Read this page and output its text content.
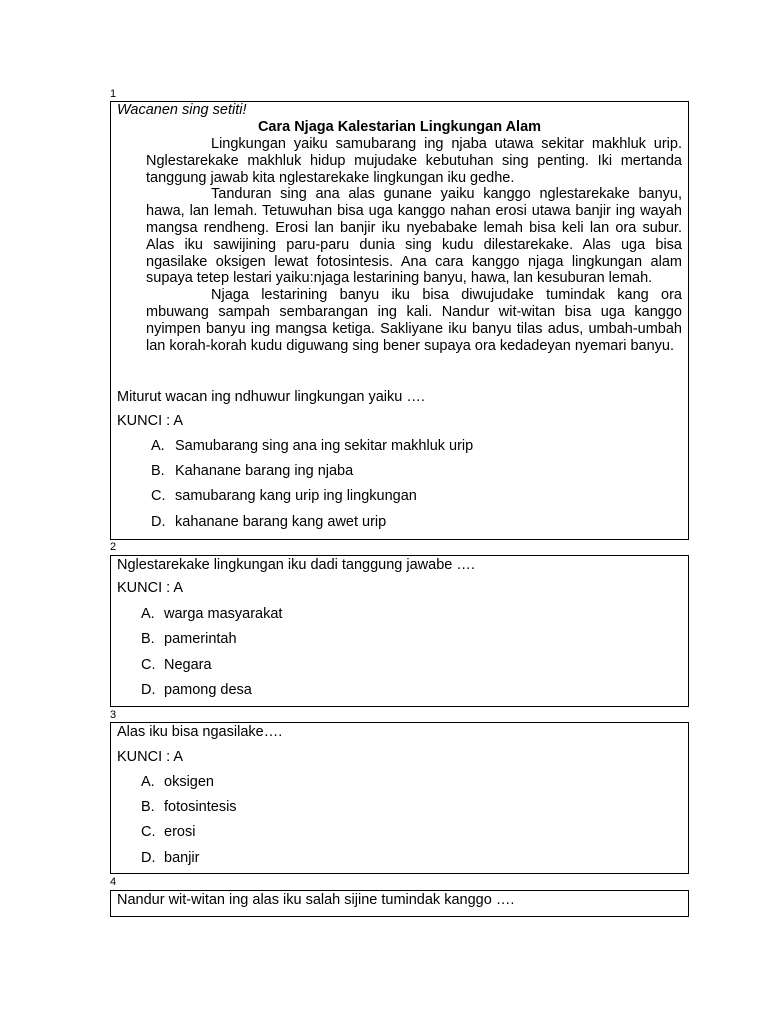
1
Wacanen sing setiti!
Cara Njaga Kalestarian Lingkungan Alam

Lingkungan yaiku samubarang ing njaba utawa sekitar makhluk urip. Nglestarekake makhluk hidup mujudake kebutuhan sing penting. Iki mertanda tanggung jawab kita nglestarekake lingkungan iku gedhe.

Tanduran sing ana alas gunane yaiku kanggo nglestarekake banyu, hawa, lan lemah. Tetuwuhan bisa uga kanggo nahan erosi utawa banjir ing wayah mangsa rendheng. Erosi lan banjir iku nyebabake lemah bisa keli lan ora subur. Alas iku sawijining paru-paru dunia sing kudu dilestarekake. Alas uga bisa ngasilake oksigen lewat fotosintesis. Ana cara kanggo njaga lingkungan alam supaya tetep lestari yaiku:njaga lestarining banyu, hawa, lan kesuburan lemah.

Njaga lestarining banyu iku bisa diwujudake tumindak kang ora mbuwang sampah sembarangan ing kali. Nandur wit-witan bisa uga kanggo nyimpen banyu ing mangsa ketiga. Sakliyane iku banyu tilas adus, umbah-umbah lan korah-korah kudu diguwang sing bener supaya ora kedadeyan nyemari banyu.

Miturut wacan ing ndhuwur lingkungan yaiku ….
KUNCI : A
A. Samubarang sing ana ing sekitar makhluk urip
B. Kahanane barang ing njaba
C. samubarang kang urip ing lingkungan
D. kahanane barang kang awet urip
2
Nglestarekake lingkungan iku dadi tanggung jawabe ….
KUNCI : A
A. warga masyarakat
B. pamerintah
C. Negara
D. pamong desa
3
Alas iku bisa ngasilake….
KUNCI : A
A. oksigen
B. fotosintesis
C. erosi
D. banjir
4
Nandur wit-witan ing alas iku salah sijine tumindak kanggo ….
